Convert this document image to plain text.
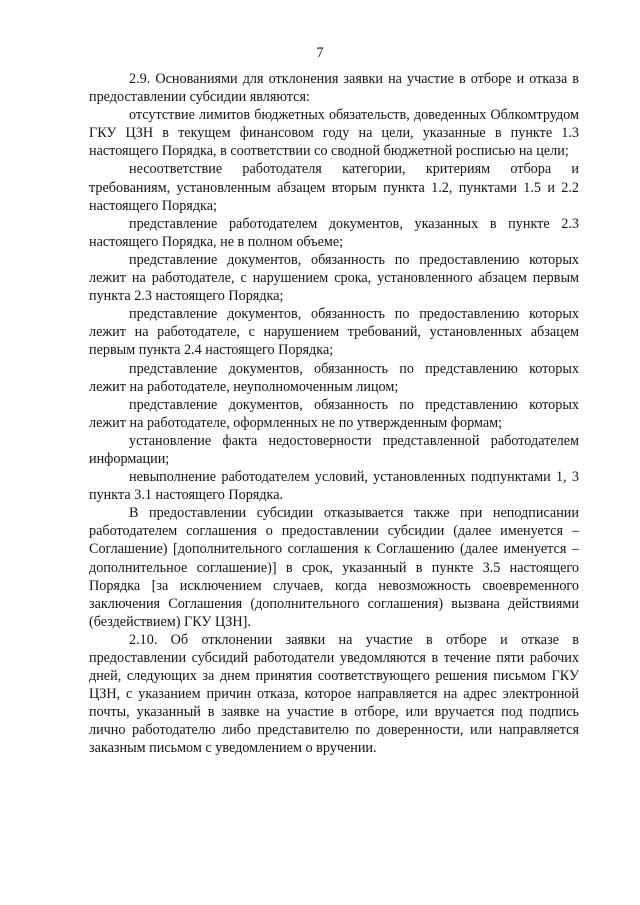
7

2.9. Основаниями для отклонения заявки на участие в отборе и отказа в предоставлении субсидии являются:

отсутствие лимитов бюджетных обязательств, доведенных Облкомтрудом ГКУ ЦЗН в текущем финансовом году на цели, указанные в пункте 1.3 настоящего Порядка, в соответствии со сводной бюджетной росписью на цели;

несоответствие работодателя категории, критериям отбора и требованиям, установленным абзацем вторым пункта 1.2, пунктами 1.5 и 2.2 настоящего Порядка;

представление работодателем документов, указанных в пункте 2.3 настоящего Порядка, не в полном объеме;

представление документов, обязанность по предоставлению которых лежит на работодателе, с нарушением срока, установленного абзацем первым пункта 2.3 настоящего Порядка;

представление документов, обязанность по предоставлению которых лежит на работодателе, с нарушением требований, установленных абзацем первым пункта 2.4 настоящего Порядка;

представление документов, обязанность по представлению которых лежит на работодателе, неуполномоченным лицом;

представление документов, обязанность по представлению которых лежит на работодателе, оформленных не по утвержденным формам;

установление факта недостоверности представленной работодателем информации;

невыполнение работодателем условий, установленных подпунктами 1, 3 пункта 3.1 настоящего Порядка.

В предоставлении субсидии отказывается также при неподписании работодателем соглашения о предоставлении субсидии (далее именуется – Соглашение) [дополнительного соглашения к Соглашению (далее именуется – дополнительное соглашение)] в срок, указанный в пункте 3.5 настоящего Порядка [за исключением случаев, когда невозможность своевременного заключения Соглашения (дополнительного соглашения) вызвана действиями (бездействием) ГКУ ЦЗН].

2.10. Об отклонении заявки на участие в отборе и отказе в предоставлении субсидий работодатели уведомляются в течение пяти рабочих дней, следующих за днем принятия соответствующего решения письмом ГКУ ЦЗН, с указанием причин отказа, которое направляется на адрес электронной почты, указанный в заявке на участие в отборе, или вручается под подпись лично работодателю либо представителю по доверенности, или направляется заказным письмом с уведомлением о вручении.
